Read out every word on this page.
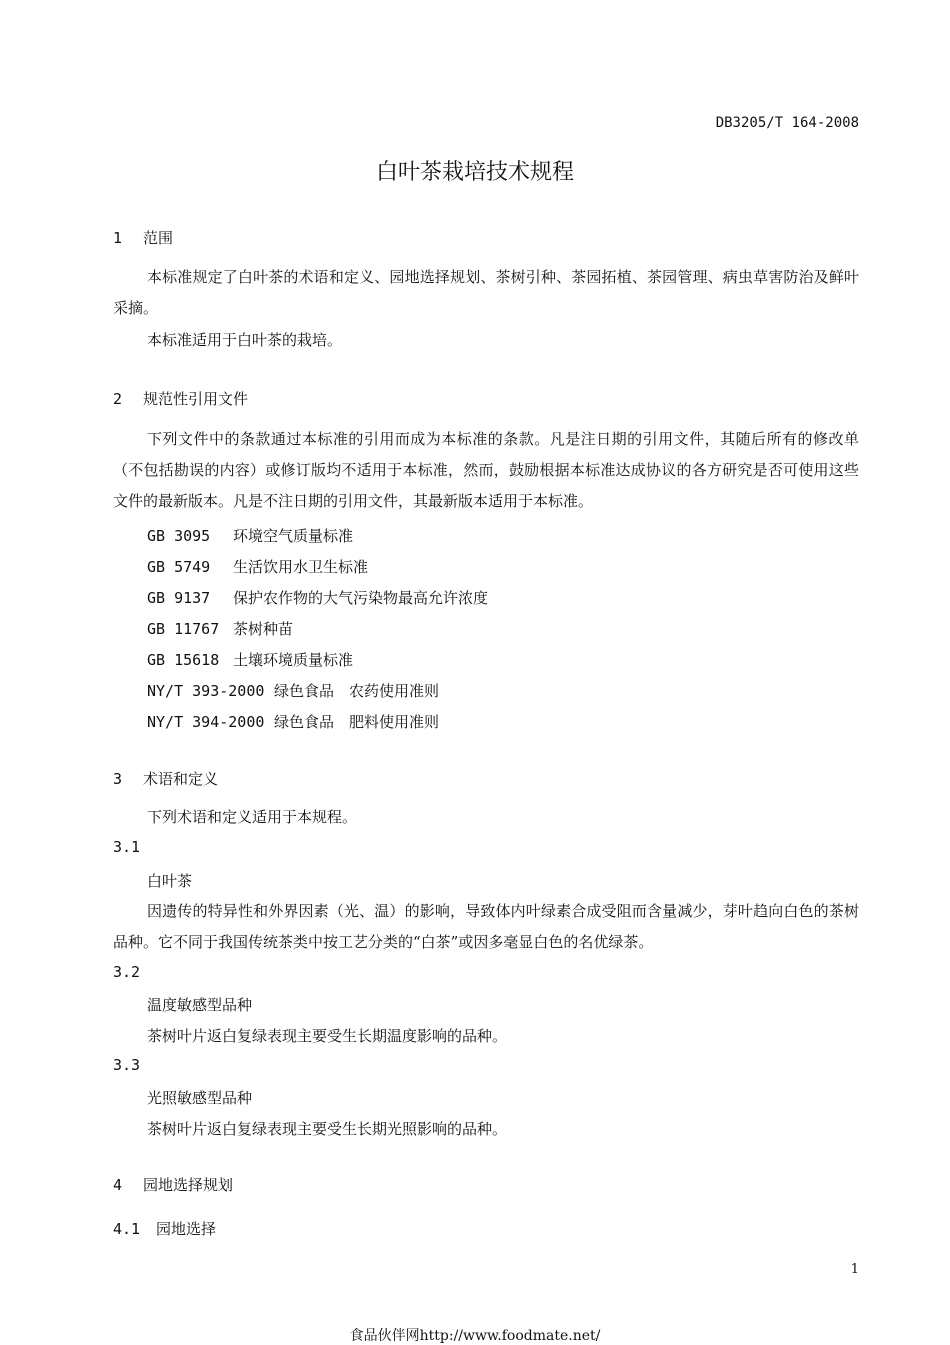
DB3205/T 164-2008
白叶茶栽培技术规程
1 范围
本标准规定了白叶茶的术语和定义、园地选择规划、茶树引种、茶园拓植、茶园管理、病虫草害防治及鲜叶采摘。
本标准适用于白叶茶的栽培。
2 规范性引用文件
下列文件中的条款通过本标准的引用而成为本标准的条款。凡是注日期的引用文件，其随后所有的修改单（不包括勘误的内容）或修订版均不适用于本标准，然而，鼓励根据本标准达成协议的各方研究是否可使用这些文件的最新版本。凡是不注日期的引用文件，其最新版本适用于本标准。
GB 3095 环境空气质量标准
GB 5749 生活饮用水卫生标准
GB 9137 保护农作物的大气污染物最高允许浓度
GB 11767 茶树种苗
GB 15618 土壤环境质量标准
NY/T 393-2000 绿色食品　农药使用准则
NY/T 394-2000 绿色食品　肥料使用准则
3 术语和定义
下列术语和定义适用于本规程。
3.1
白叶茶
因遗传的特异性和外界因素（光、温）的影响，导致体内叶绿素合成受阻而含量减少，芽叶趋向白色的茶树品种。它不同于我国传统茶类中按工艺分类的“白茶”或因多毫显白色的名优绿茶。
3.2
温度敏感型品种
茶树叶片返白复绿表现主要受生长期温度影响的品种。
3.3
光照敏感型品种
茶树叶片返白复绿表现主要受生长期光照影响的品种。
4 园地选择规划
4.1 园地选择
1
食品伙伴网http://www.foodmate.net/
